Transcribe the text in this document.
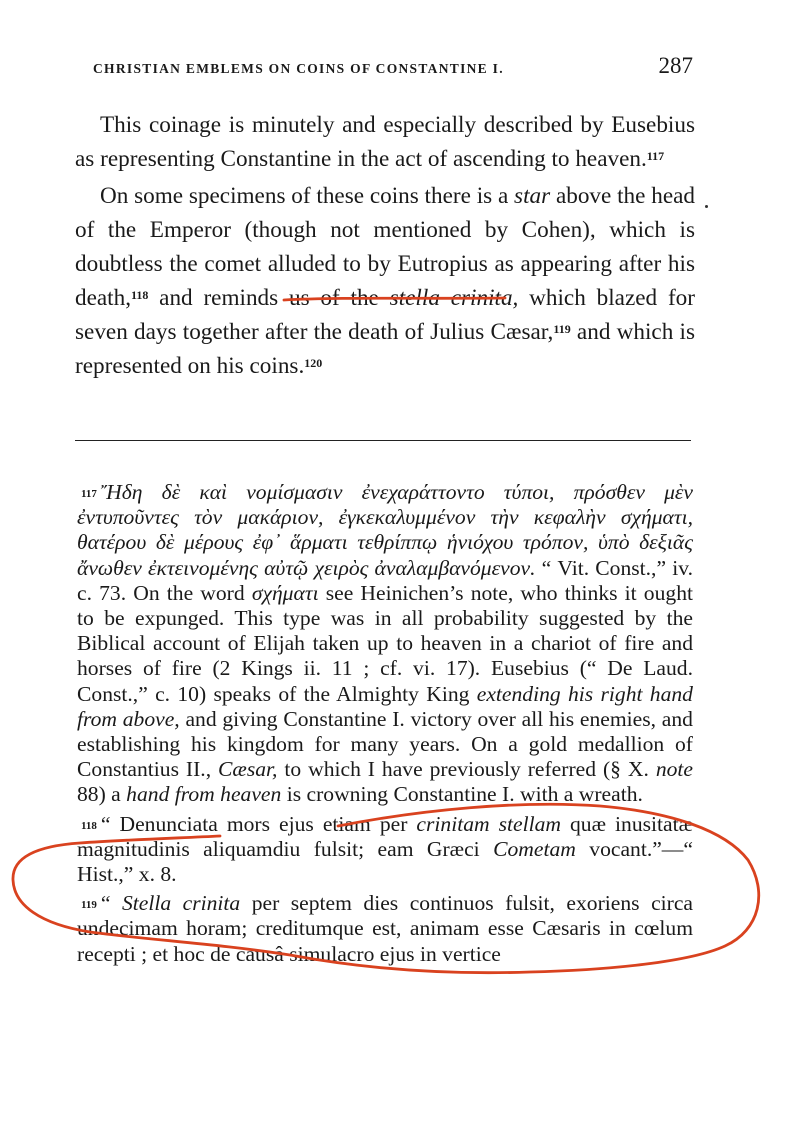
CHRISTIAN EMBLEMS ON COINS OF CONSTANTINE I.	287

This coinage is minutely and especially described by Eusebius as representing Constantine in the act of ascending to heaven.$^{117}$

On some specimens of these coins there is a star above the head of the Emperor (though not mentioned by Cohen), which is doubtless the comet alluded to by Eutropius as appearing after his death,$^{118}$ and reminds us of the stella crinita, which blazed for seven days together after the death of Julius Cæsar,$^{119}$ and which is represented on his coins.$^{120}$

$^{117}$ Ἤδη δὲ καὶ νομίσμασιν ἐνεχαράττοντο τύποι, πρόσθεν μὲν ἐντυποῦντες τὸν μακάριον, ἐγκεκαλυμμένον τὴν κεφαλὴν σχήματι, θατέρου δὲ μέρους ἐφ᾽ ἅρματι τεθρίππῳ ἡνιόχου τρόπον, ὑπὸ δεξιᾶς ἄνωθεν ἐκτεινομένης αὐτῷ χειρὸς ἀναλαμβανόμενον. “ Vit. Const.,” iv. c. 73. On the word σχήματι see Heinichen’s note, who thinks it ought to be expunged. This type was in all probability suggested by the Biblical account of Elijah taken up to heaven in a chariot of fire and horses of fire (2 Kings ii. 11 ; cf. vi. 17). Eusebius (“ De Laud. Const.,” c. 10) speaks of the Almighty King extending his right hand from above, and giving Constantine I. victory over all his enemies, and establishing his kingdom for many years. On a gold medallion of Constantius II., Cæsar, to which I have previously referred (§ X. note 88) a hand from heaven is crowning Constantine I. with a wreath.

$^{118}$ “ Denunciata mors ejus etiam per crinitam stellam quæ inusitatæ magnitudinis aliquamdiu fulsit; eam Græci Cometam vocant.”—“ Hist.,” x. 8.

$^{119}$ “ Stella crinita per septem dies continuos fulsit, exoriens circa undecimam horam; creditumque est, animam esse Cæsaris in cœlum recepti ; et hoc de causâ simulacro ejus in vertice
